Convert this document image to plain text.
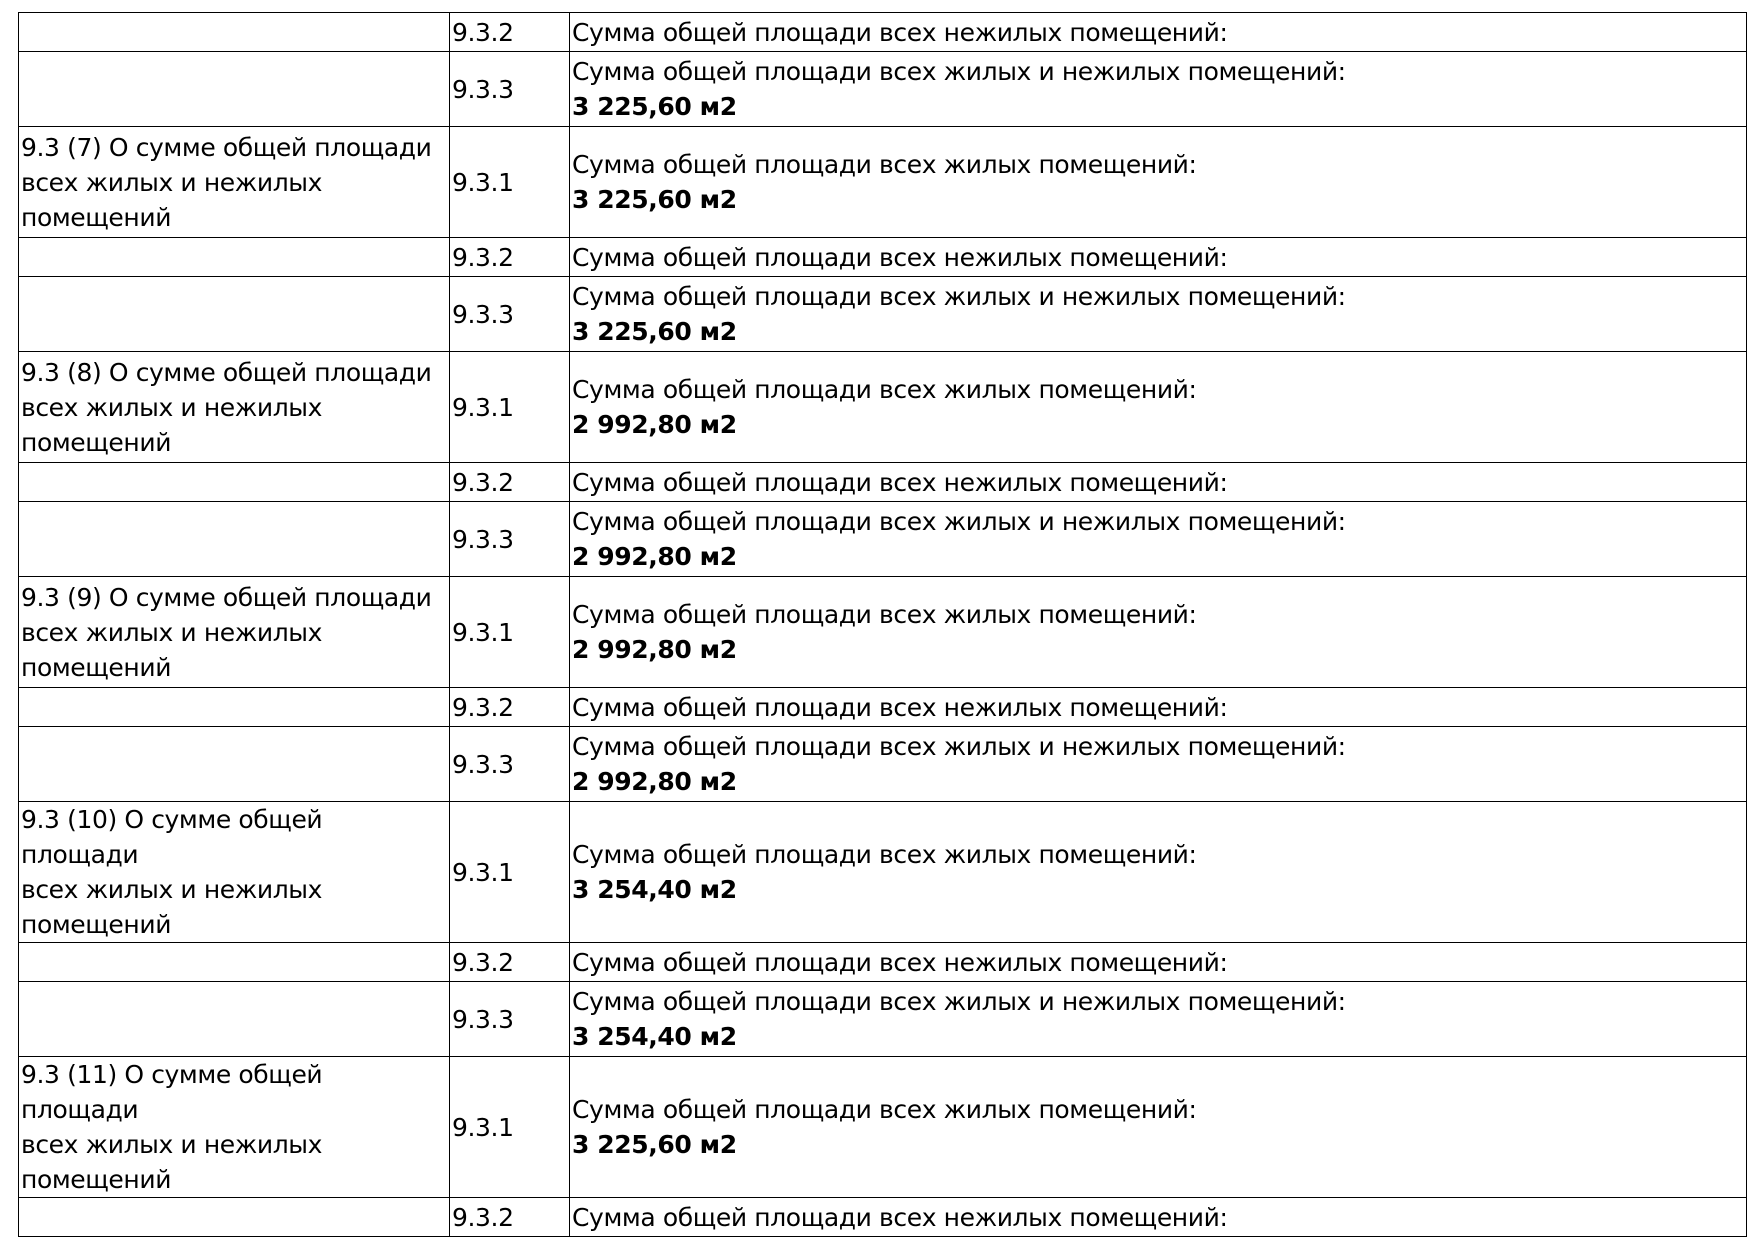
	9.3.2	Сумма общей площади всех нежилых помещений:

	9.3.3	Сумма общей площади всех жилых и нежилых помещений:
3 225,60 м2

9.3 (7) О сумме общей площади
всех жилых и нежилых
помещений	9.3.1	Сумма общей площади всех жилых помещений:
3 225,60 м2

	9.3.2	Сумма общей площади всех нежилых помещений:

	9.3.3	Сумма общей площади всех жилых и нежилых помещений:
3 225,60 м2

9.3 (8) О сумме общей площади
всех жилых и нежилых
помещений	9.3.1	Сумма общей площади всех жилых помещений:
2 992,80 м2

	9.3.2	Сумма общей площади всех нежилых помещений:

	9.3.3	Сумма общей площади всех жилых и нежилых помещений:
2 992,80 м2

9.3 (9) О сумме общей площади
всех жилых и нежилых
помещений	9.3.1	Сумма общей площади всех жилых помещений:
2 992,80 м2

	9.3.2	Сумма общей площади всех нежилых помещений:

	9.3.3	Сумма общей площади всех жилых и нежилых помещений:
2 992,80 м2

9.3 (10) О сумме общей площади
всех жилых и нежилых
помещений	9.3.1	Сумма общей площади всех жилых помещений:
3 254,40 м2

	9.3.2	Сумма общей площади всех нежилых помещений:

	9.3.3	Сумма общей площади всех жилых и нежилых помещений:
3 254,40 м2

9.3 (11) О сумме общей площади
всех жилых и нежилых
помещений	9.3.1	Сумма общей площади всех жилых помещений:
3 225,60 м2

	9.3.2	Сумма общей площади всех нежилых помещений:
